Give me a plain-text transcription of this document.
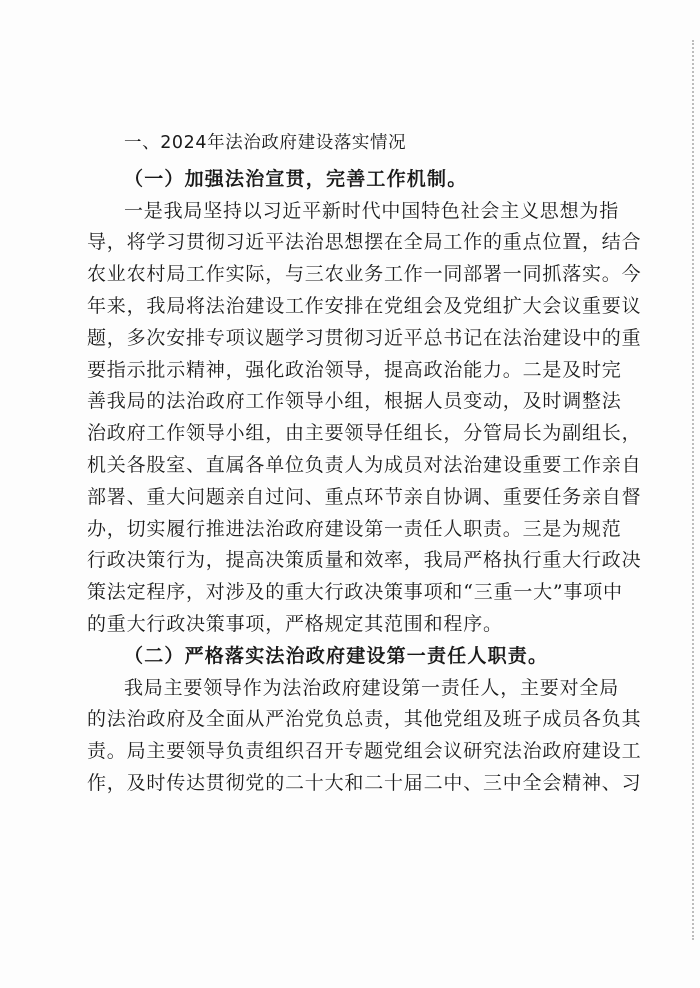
一、2024年法治政府建设落实情况
（一）加强法治宣贯，完善工作机制。
一是我局坚持以习近平新时代中国特色社会主义思想为指
导，将学习贯彻习近平法治思想摆在全局工作的重点位置，结合
农业农村局工作实际，与三农业务工作一同部署一同抓落实。今
年来，我局将法治建设工作安排在党组会及党组扩大会议重要议
题，多次安排专项议题学习贯彻习近平总书记在法治建设中的重
要指示批示精神，强化政治领导，提高政治能力。二是及时完
善我局的法治政府工作领导小组，根据人员变动，及时调整法
治政府工作领导小组，由主要领导任组长，分管局长为副组长，
机关各股室、直属各单位负责人为成员对法治建设重要工作亲自
部署、重大问题亲自过问、重点环节亲自协调、重要任务亲自督
办，切实履行推进法治政府建设第一责任人职责。三是为规范
行政决策行为，提高决策质量和效率，我局严格执行重大行政决
策法定程序，对涉及的重大行政决策事项和“三重一大”事项中
的重大行政决策事项，严格规定其范围和程序。
（二）严格落实法治政府建设第一责任人职责。
我局主要领导作为法治政府建设第一责任人，主要对全局
的法治政府及全面从严治党负总责，其他党组及班子成员各负其
责。局主要领导负责组织召开专题党组会议研究法治政府建设工
作，及时传达贯彻党的二十大和二十届二中、三中全会精神、习
